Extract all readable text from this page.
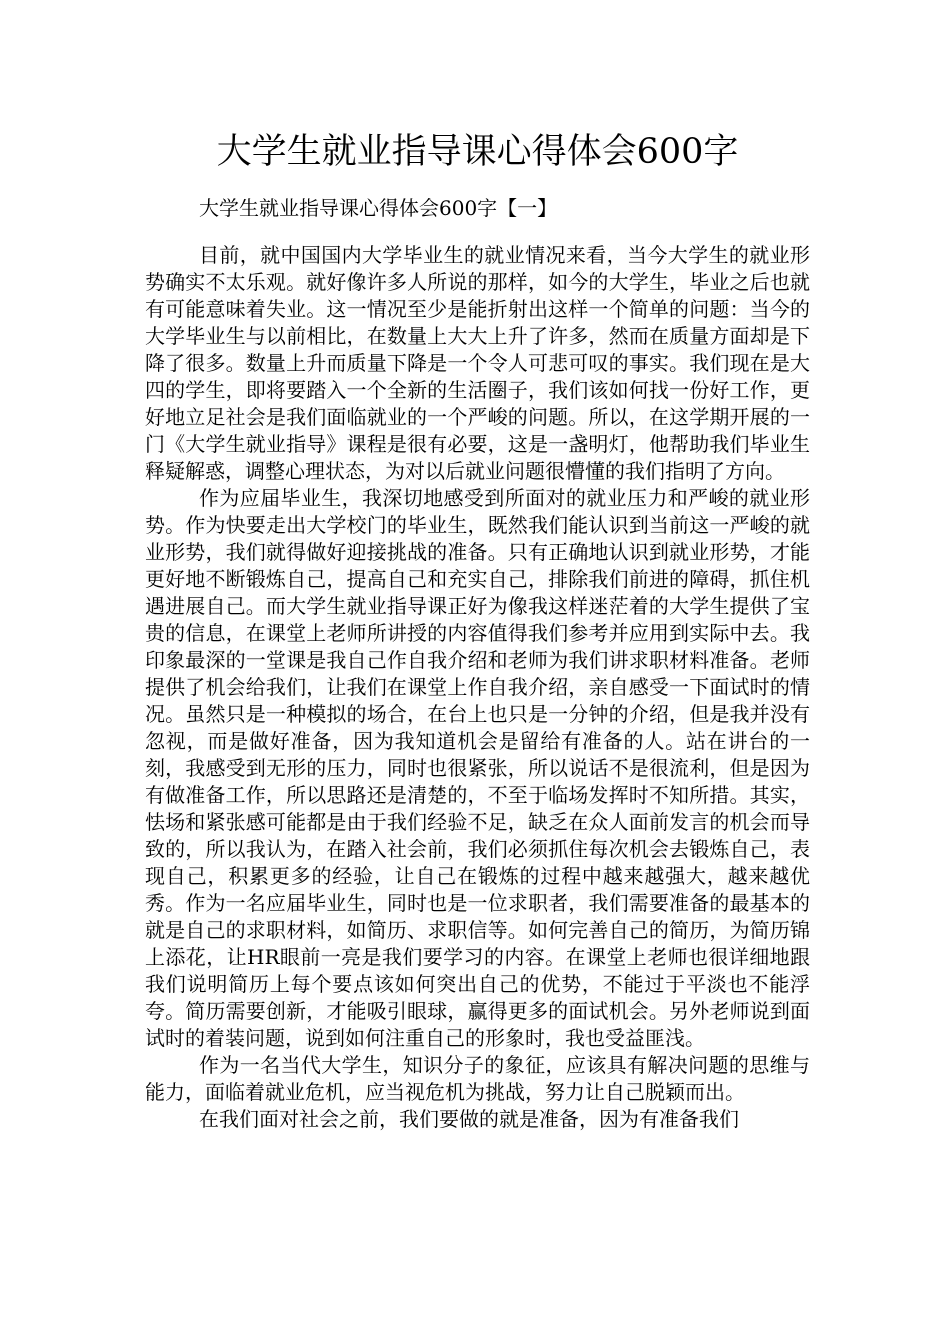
大学生就业指导课心得体会600字

大学生就业指导课心得体会600字【一】

目前，就中国国内大学毕业生的就业情况来看，当今大学生的就业形势确实不太乐观。就好像许多人所说的那样，如今的大学生，毕业之后也就有可能意味着失业。这一情况至少是能折射出这样一个简单的问题：当今的大学毕业生与以前相比，在数量上大大上升了许多，然而在质量方面却是下降了很多。数量上升而质量下降是一个令人可悲可叹的事实。我们现在是大四的学生，即将要踏入一个全新的生活圈子，我们该如何找一份好工作，更好地立足社会是我们面临就业的一个严峻的问题。所以，在这学期开展的一门《大学生就业指导》课程是很有必要，这是一盏明灯，他帮助我们毕业生释疑解惑，调整心理状态，为对以后就业问题很懵懂的我们指明了方向。

作为应届毕业生，我深切地感受到所面对的就业压力和严峻的就业形势。作为快要走出大学校门的毕业生，既然我们能认识到当前这一严峻的就业形势，我们就得做好迎接挑战的准备。只有正确地认识到就业形势，才能更好地不断锻炼自己，提高自己和充实自己，排除我们前进的障碍，抓住机遇进展自己。而大学生就业指导课正好为像我这样迷茫着的大学生提供了宝贵的信息，在课堂上老师所讲授的内容值得我们参考并应用到实际中去。我印象最深的一堂课是我自己作自我介绍和老师为我们讲求职材料准备。老师提供了机会给我们，让我们在课堂上作自我介绍，亲自感受一下面试时的情况。虽然只是一种模拟的场合，在台上也只是一分钟的介绍，但是我并没有忽视，而是做好准备，因为我知道机会是留给有准备的人。站在讲台的一刻，我感受到无形的压力，同时也很紧张，所以说话不是很流利，但是因为有做准备工作，所以思路还是清楚的，不至于临场发挥时不知所措。其实，怯场和紧张感可能都是由于我们经验不足，缺乏在众人面前发言的机会而导致的，所以我认为，在踏入社会前，我们必须抓住每次机会去锻炼自己，表现自己，积累更多的经验，让自己在锻炼的过程中越来越强大，越来越优秀。作为一名应届毕业生，同时也是一位求职者，我们需要准备的最基本的就是自己的求职材料，如简历、求职信等。如何完善自己的简历，为简历锦上添花，让HR眼前一亮是我们要学习的内容。在课堂上老师也很详细地跟我们说明简历上每个要点该如何突出自己的优势，不能过于平淡也不能浮夸。简历需要创新，才能吸引眼球，赢得更多的面试机会。另外老师说到面试时的着装问题，说到如何注重自己的形象时，我也受益匪浅。

作为一名当代大学生，知识分子的象征，应该具有解决问题的思维与能力，面临着就业危机，应当视危机为挑战，努力让自己脱颖而出。

在我们面对社会之前，我们要做的就是准备，因为有准备我们
